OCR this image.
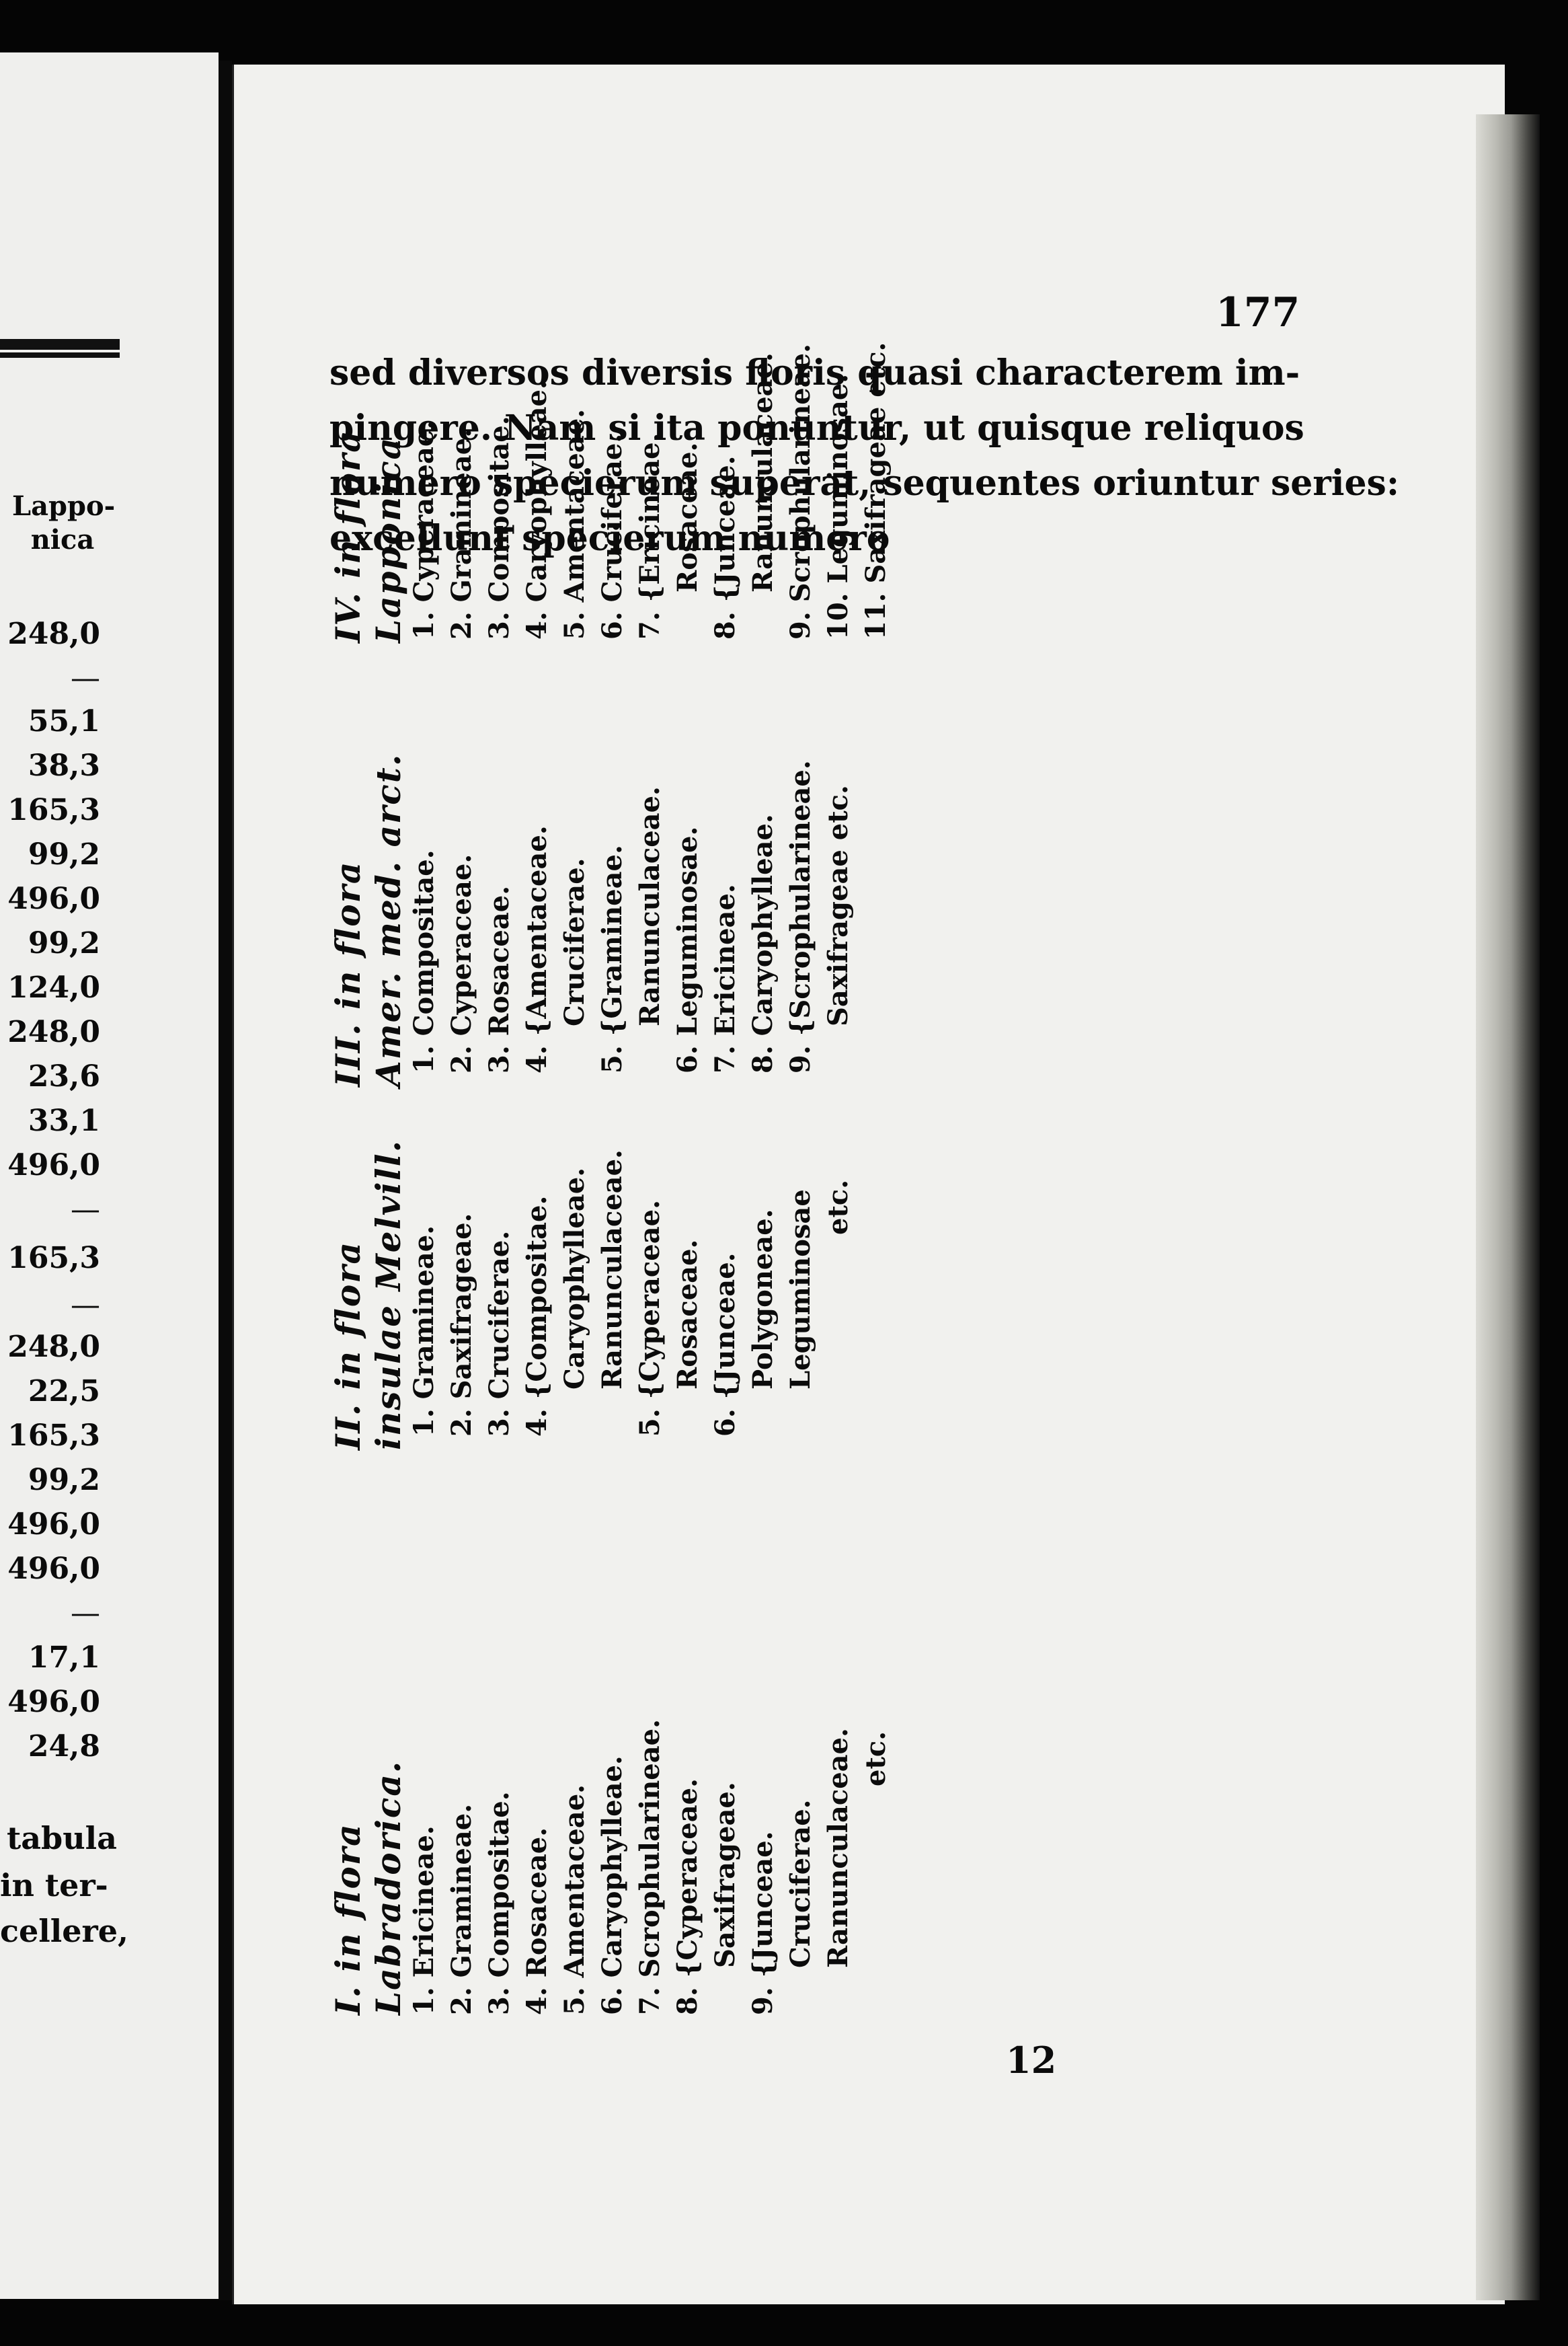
Lappo-
nica
248,0
—
55,1
38,3
165,3
99,2
496,0
99,2
124,0
248,0
23,6
33,1
496,0
—
165,3
—
248,0
22,5
165,3
99,2
496,0
496,0
—
17,1
496,0
24,8
tabula
in ter-
cellere,
177
sed diversos diversis floris quasi characterem im-
pingere. Nam si ita ponuntur, ut quisque reliquos
numero specierum superat, sequentes oriuntur series:
excellunt specierum numero
I. in flora Labradorica. 1. Ericineae. 2. Gramineae. 3. Compositae. 4. Rosaceae. 5. Amentaceae. 6. Caryophylleae. 7. Scrophularineae. 8. {Cyperaceae. Saxifrageae. 9. {Junceae. Cruciferae. Ranunculaceae. etc.
II. in flora insulae Melvill. 1. Gramineae. 2. Saxifrageae. 3. Cruciferae. 4. {Compositae. Caryophylleae. Ranunculaceae. 5. {Cyperaceae. Rosaceae. 6. {Junceae. Polygoneae. Leguminosae etc.
III. in flora Amer. med. arct. 1. Compositae. 2. Cyperaceae. 3. Rosaceae. 4. {Amentaceae. Cruciferae. 5. {Gramineae. Ranunculaceae. 6. Leguminosae. 7. Ericineae. 8. Caryophylleae. 9. {Scrophularineae. Saxifrageae etc.
IV. in flora Lapponica. 1. Cyperaceae. 2. Gramineae. 3. Compositae. 4. Caryophylleae. 5. Amentaceae. 6. Cruciferae. 7. {Ericineae. Rosaceae. 8. {Junceae. Ranunculaceae. 9. Scrophularineae. 10. Leguminosae. 11. Saxifrageae etc.
12
